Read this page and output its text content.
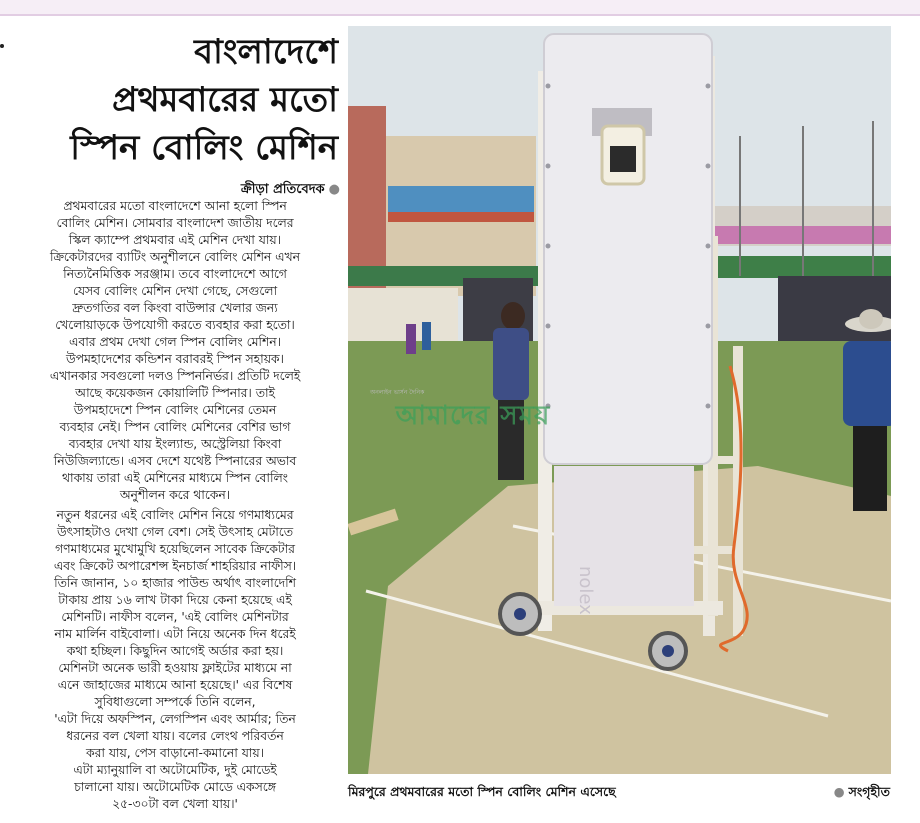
বাংলাদেশে
প্রথমবারের মতো
স্পিন বোলিং মেশিন
ক্রীড়া প্রতিবেদক ●

প্রথমবারের মতো বাংলাদেশে আনা হলো স্পিন
বোলিং মেশিন। সোমবার বাংলাদেশ জাতীয় দলের
স্কিল ক্যাম্পে প্রথমবার এই মেশিন দেখা যায়।
ক্রিকেটারদের ব্যাটিং অনুশীলনে বোলিং মেশিন এখন
নিত্যনৈমিত্তিক সরঞ্জাম। তবে বাংলাদেশে আগে
যেসব বোলিং মেশিন দেখা গেছে, সেগুলো
দ্রুতগতির বল কিংবা বাউন্সার খেলার জন্য
খেলোয়াড়কে উপযোগী করতে ব্যবহার করা হতো।
এবার প্রথম দেখা গেল স্পিন বোলিং মেশিন।
উপমহাদেশের কন্ডিশন বরাবরই স্পিন সহায়ক।
এখানকার সবগুলো দলও স্পিননির্ভর। প্রতিটি দলেই
আছে কয়েকজন কোয়ালিটি স্পিনার। তাই
উপমহাদেশে স্পিন বোলিং মেশিনের তেমন
ব্যবহার নেই। স্পিন বোলিং মেশিনের বেশির ভাগ
ব্যবহার দেখা যায় ইংল্যান্ড, অস্ট্রেলিয়া কিংবা
নিউজিল্যান্ডে। এসব দেশে যথেষ্ট স্পিনারের অভাব
থাকায় তারা এই মেশিনের মাধ্যমে স্পিন বোলিং
অনুশীলন করে থাকেন।

নতুন ধরনের এই বোলিং মেশিন নিয়ে গণমাধ্যমের
উৎসাহটাও দেখা গেল বেশ। সেই উৎসাহ মেটাতে
গণমাধ্যমের মুখোমুখি হয়েছিলেন সাবেক ক্রিকেটার
এবং ক্রিকেট অপারেশন্স ইনচার্জ শাহরিয়ার নাফীস।
তিনি জানান, ১০ হাজার পাউন্ড অর্থাৎ বাংলাদেশি
টাকায় প্রায় ১৬ লাখ টাকা দিয়ে কেনা হয়েছে এই
মেশিনটি। নাফীস বলেন, 'এই বোলিং মেশিনটার
নাম মার্লিন বাইবোলা। এটা নিয়ে অনেক দিন ধরেই
কথা হচ্ছিল। কিছুদিন আগেই অর্ডার করা হয়।
মেশিনটা অনেক ভারী হওয়ায় ফ্লাইটের মাধ্যমে না
এনে জাহাজের মাধ্যমে আনা হয়েছে।' এর বিশেষ
সুবিধাগুলো সম্পর্কে তিনি বলেন,
'এটা দিয়ে অফস্পিন, লেগস্পিন এবং আর্মার; তিন
ধরনের বল খেলা যায়। বলের লেংথ পরিবর্তন
করা যায়, পেস বাড়ানো-কমানো যায়।
এটা ম্যানুয়ালি বা অটোমেটিক, দুই মোডেই
চালানো যায়। অটোমেটিক মোডে একসঙ্গে
২৫-৩০টা বল খেলা যায়।'

nolex
অনলাইন ভার্সন দৈনিক
আমাদের সময়
মিরপুরে প্রথমবারের মতো স্পিন বোলিং মেশিন এসেছে	● সংগৃহীত
